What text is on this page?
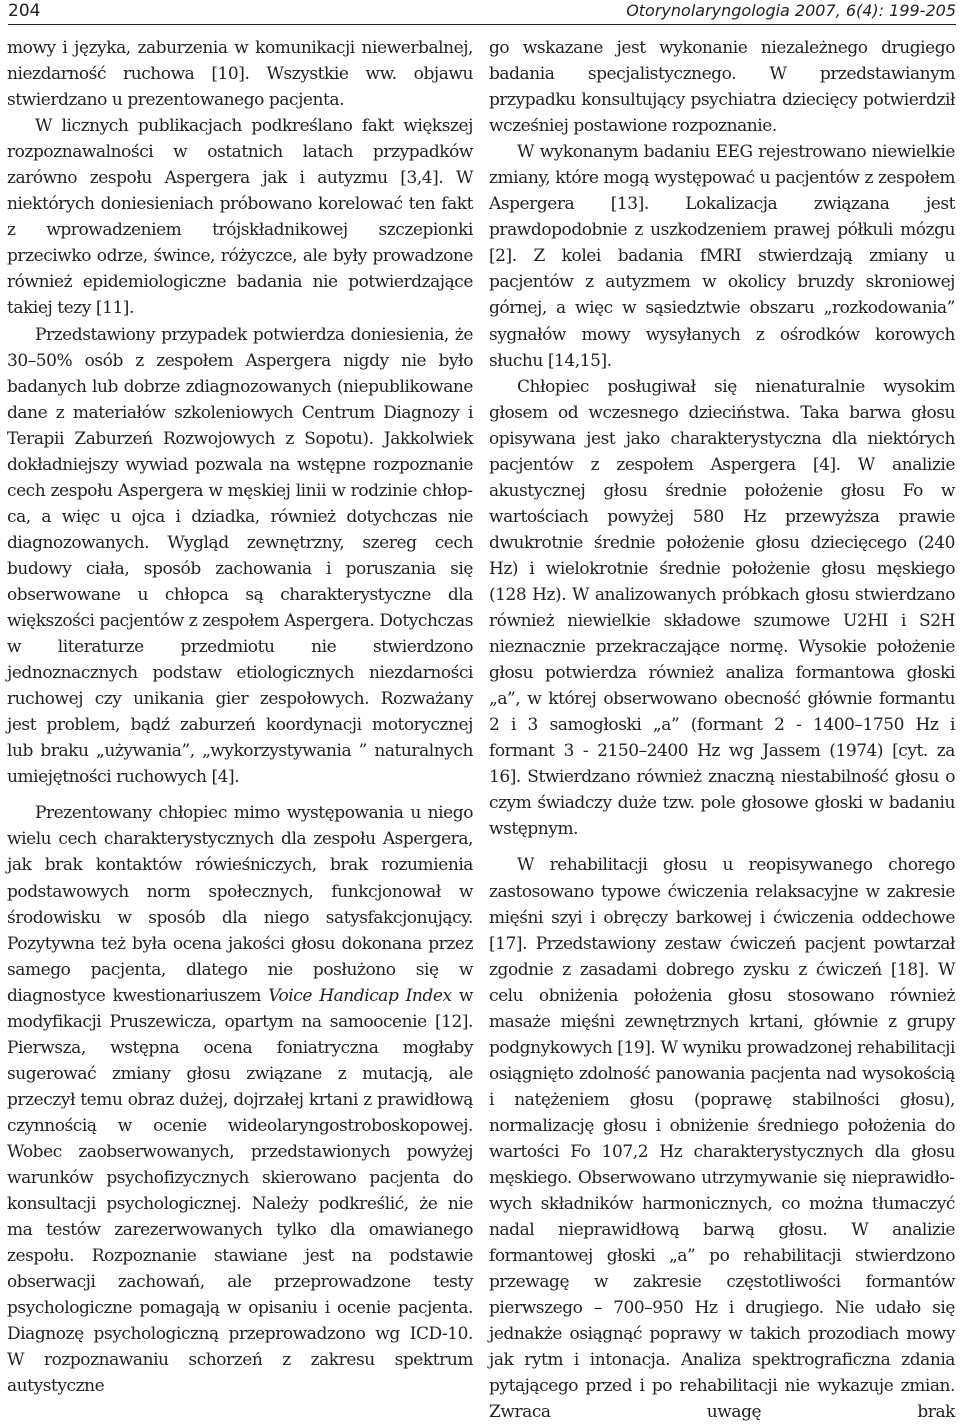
204	Otorynolaryngologia 2007, 6(4): 199-205

mowy i języka, zaburzenia w komunikacji niewerbalnej, niezdarność ruchowa [10]. Wszystkie ww. objawu stwierdzano u prezentowanego pacjenta.

W licznych publikacjach podkreślano fakt większej rozpoznawalności w ostatnich latach przypadków zarówno zespołu Aspergera jak i autyzmu [3,4]. W niektórych doniesieniach próbowano korelować ten fakt z wprowadzeniem trójskładnikowej szczepionki przeciwko odrze, śwince, różyczce, ale były prowadzone również epidemiologiczne badania nie potwierdzające takiej tezy [11].

Przedstawiony przypadek potwierdza doniesienia, że 30–50% osób z zespołem Aspergera nigdy nie było badanych lub dobrze zdiagnozowanych (niepublikowane dane z materiałów szkoleniowych Centrum Diagnozy i Terapii Zaburzeń Rozwojowych z Sopotu). Jakkolwiek dokładniejszy wywiad pozwala na wstępne rozpoznanie cech zespołu Aspergera w męskiej linii w rodzinie chłopca, a więc u ojca i dziadka, również dotychczas nie diagnozowanych. Wygląd zewnętrzny, szereg cech budowy ciała, sposób zachowania i poruszania się obserwowane u chłopca są charakterystyczne dla większości pacjentów z zespołem Aspergera. Dotychczas w literaturze przedmiotu nie stwierdzono jednoznacznych podstaw etiologicznych niezdarności ruchowej czy unikania gier zespołowych. Rozważany jest problem, bądź zaburzeń koordynacji motorycznej lub braku „używania”, „wykorzystywania ” naturalnych umiejętności ruchowych [4].

Prezentowany chłopiec mimo występowania u niego wielu cech charakterystycznych dla zespołu Aspergera, jak brak kontaktów rówieśniczych, brak rozumienia podstawowych norm społecznych, funkcjonował w środowisku w sposób dla niego satysfakcjonujący. Pozytywna też była ocena jakości głosu dokonana przez samego pacjenta, dlatego nie posłużono się w diagnostyce kwestionariuszem Voice Handicap Index w modyfikacji Pruszewicza, opartym na samoocenie [12]. Pierwsza, wstępna ocena foniatryczna mogłaby sugerować zmiany głosu związane z mutacją, ale przeczył temu obraz dużej, dojrzałej krtani z prawidłową czynnością w ocenie wideolaryngostroboskopowej. Wobec zaobserwowanych, przedstawionych powyżej warunków psychofizycznych skierowano pacjenta do konsultacji psychologicznej. Należy podkreślić, że nie ma testów zarezerwowanych tylko dla omawianego zespołu. Rozpoznanie stawiane jest na podstawie obserwacji zachowań, ale przeprowadzone testy psychologiczne pomagają w opisaniu i ocenie pacjenta. Diagnozę psychologiczną przeprowadzono wg ICD-10. W rozpoznawaniu schorzeń z zakresu spektrum autystyczne

go wskazane jest wykonanie niezależnego drugiego badania specjalistycznego. W przedstawianym przypadku konsultujący psychiatra dziecięcy potwierdził wcześniej postawione rozpoznanie.

W wykonanym badaniu EEG rejestrowano niewielkie zmiany, które mogą występować u pacjentów z zespołem Aspergera [13]. Lokalizacja związana jest prawdopodobnie z uszkodzeniem prawej półkuli mózgu [2]. Z kolei badania fMRI stwierdzają zmiany u pacjentów z autyzmem w okolicy bruzdy skroniowej górnej, a więc w sąsiedztwie obszaru „rozkodowania” sygnałów mowy wysyłanych z ośrodków korowych słuchu [14,15].

Chłopiec posługiwał się nienaturalnie wysokim głosem od wczesnego dzieciństwa. Taka barwa głosu opisywana jest jako charakterystyczna dla niektórych pacjentów z zespołem Aspergera [4]. W analizie akustycznej głosu średnie położenie głosu Fo w wartościach powyżej 580 Hz przewyższa prawie dwukrotnie średnie położenie głosu dziecięcego (240 Hz) i wielokrotnie średnie położenie głosu męskiego (128 Hz). W analizowanych próbkach głosu stwierdzano również niewielkie składowe szumowe U2HI i S2H nieznacznie przekraczające normę. Wysokie położenie głosu potwierdza również analiza formantowa głoski „a”, w której obserwowano obecność głównie formantu 2 i 3 samogłoski „a” (formant 2 - 1400–1750 Hz i formant 3 - 2150–2400 Hz wg Jassem (1974) [cyt. za 16]. Stwierdzano również znaczną niestabilność głosu o czym świadczy duże tzw. pole głosowe głoski w badaniu wstępnym.

W rehabilitacji głosu u reopisywanego chorego zastosowano typowe ćwiczenia relaksacyjne w zakresie mięśni szyi i obręczy barkowej i ćwiczenia oddechowe [17]. Przedstawiony zestaw ćwiczeń pacjent powtarzał zgodnie z zasadami dobrego zysku z ćwiczeń [18]. W celu obniżenia położenia głosu stosowano również masaże mięśni zewnętrznych krtani, głównie z grupy podgnykowych [19]. W wyniku prowadzonej rehabilitacji osiągnięto zdolność panowania pacjenta nad wysokością i natężeniem głosu (poprawę stabilności głosu), normalizację głosu i obniżenie średniego położenia do wartości Fo 107,2 Hz charakterystycznych dla głosu męskiego. Obserwowano utrzymywanie się nieprawidłowych składników harmonicznych, co można tłumaczyć nadal nieprawidłową barwą głosu. W analizie formantowej głoski „a” po rehabilitacji stwierdzono przewagę w zakresie częstotliwości formantów pierwszego – 700–950 Hz i drugiego. Nie udało się jednakże osiągnąć poprawy w takich prozodiach mowy jak rytm i intonacja. Analiza spektrograficzna zdania pytającego przed i po rehabilitacji nie wykazuje zmian. Zwraca uwagę brak
